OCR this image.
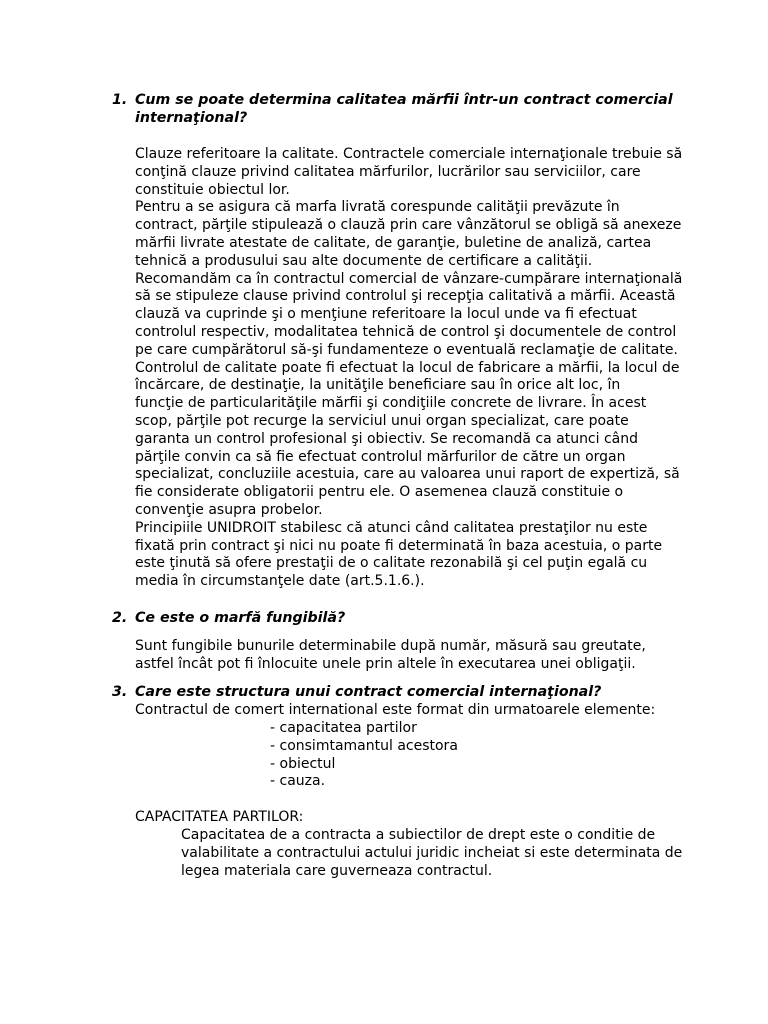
1. Cum se poate determina calitatea mărfii într-un contract comercial
internaţional?
Clauze referitoare la calitate. Contractele comerciale internaţionale trebuie să
conţină clauze privind calitatea mărfurilor, lucrărilor sau serviciilor, care
constituie obiectul lor.
Pentru a se asigura că marfa livrată corespunde calităţii prevăzute în
contract, părţile stipulează o clauză prin care vânzătorul se obligă să anexeze
mărfii livrate atestate de calitate, de garanţie, buletine de analiză, cartea
tehnică a produsului sau alte documente de certificare a calităţii.
Recomandăm ca în contractul comercial de vânzare-cumpărare internaţională
să se stipuleze clause privind controlul şi recepţia calitativă a mărfii. Această
clauză va cuprinde şi o menţiune referitoare la locul unde va fi efectuat
controlul respectiv, modalitatea tehnică de control şi documentele de control
pe care cumpărătorul să-şi fundamenteze o eventuală reclamaţie de calitate.
Controlul de calitate poate fi efectuat la locul de fabricare a mărfii, la locul de
încărcare, de destinaţie, la unităţile beneficiare sau în orice alt loc, în
funcţie de particularităţile mărfii şi condiţiile concrete de livrare. În acest
scop, părţile pot recurge la serviciul unui organ specializat, care poate
garanta un control profesional şi obiectiv. Se recomandă ca atunci când
părţile convin ca să fie efectuat controlul mărfurilor de către un organ
specializat, concluziile acestuia, care au valoarea unui raport de expertiză, să
fie considerate obligatorii pentru ele. O asemenea clauză constituie o
convenţie asupra probelor.
Principiile UNIDROIT stabilesc că atunci când calitatea prestaţilor nu este
fixată prin contract şi nici nu poate fi determinată în baza acestuia, o parte
este ţinută să ofere prestaţii de o calitate rezonabilă şi cel puţin egală cu
media în circumstanţele date (art.5.1.6.).
2. Ce este o marfă fungibilă?
Sunt fungibile bunurile determinabile după număr, măsură sau greutate,
astfel încât pot fi înlocuite unele prin altele în executarea unei obligaţii.
3. Care este structura unui contract comercial internaţional?
Contractul de comert international este format din urmatoarele elemente:
- capacitatea partilor
- consimtamantul acestora
- obiectul
- cauza.
CAPACITATEA PARTILOR:
Capacitatea de a contracta a subiectilor de drept este o conditie de
valabilitate a contractului actului juridic incheiat si este determinata de
legea materiala care guverneaza contractul.
